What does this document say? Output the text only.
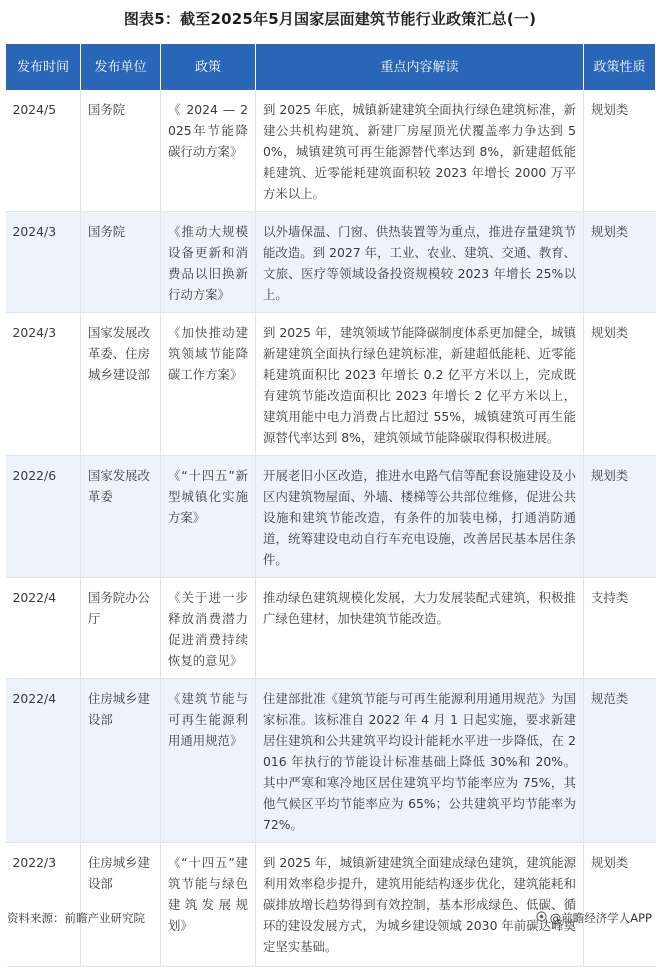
图表5：截至2025年5月国家层面建筑节能行业政策汇总(一)
发布时间	发布单位	政策	重点内容解读	政策性质
2024/5	国务院	《 2024 — 2025年节能降碳行动方案》	到 2025 年底，城镇新建建筑全面执行绿色建筑标准，新建公共机构建筑、新建厂房屋顶光伏覆盖率力争达到 50%，城镇建筑可再生能源替代率达到 8%，新建超低能耗建筑、近零能耗建筑面积较 2023 年增长 2000 万平方米以上。	规划类
2024/3	国务院	《推动大规模设备更新和消费品以旧换新行动方案》	以外墙保温、门窗、供热装置等为重点，推进存量建筑节能改造。到 2027 年，工业、农业、建筑、交通、教育、文旅、医疗等领域设备投资规模较 2023 年增长 25%以上。	规划类
2024/3	国家发展改革委、住房城乡建设部	《加快推动建筑领域节能降碳工作方案》	到 2025 年，建筑领域节能降碳制度体系更加健全，城镇新建建筑全面执行绿色建筑标准，新建超低能耗、近零能耗建筑面积比 2023 年增长 0.2 亿平方米以上，完成既有建筑节能改造面积比 2023 年增长 2 亿平方米以上，建筑用能中电力消费占比超过 55%，城镇建筑可再生能源替代率达到 8%，建筑领域节能降碳取得积极进展。	规划类
2022/6	国家发展改革委	《“十四五”新型城镇化实施方案》	开展老旧小区改造，推进水电路气信等配套设施建设及小区内建筑物屋面、外墙、楼梯等公共部位维修，促进公共设施和建筑节能改造，有条件的加装电梯，打通消防通道，统筹建设电动自行车充电设施，改善居民基本居住条件。	规划类
2022/4	国务院办公厅	《关于进一步释放消费潜力促进消费持续恢复的意见》	推动绿色建筑规模化发展，大力发展装配式建筑，积极推广绿色建材，加快建筑节能改造。	支持类
2022/4	住房城乡建设部	《建筑节能与可再生能源利用通用规范》	住建部批准《建筑节能与可再生能源利用通用规范》为国家标准。该标准自 2022 年 4 月 1 日起实施，要求新建居住建筑和公共建筑平均设计能耗水平进一步降低，在 2016 年执行的节能设计标准基础上降低 30%和 20%。其中严寒和寒冷地区居住建筑平均节能率应为 75%，其他气候区平均节能率应为 65%；公共建筑平均节能率为 72%。	规范类
2022/3	住房城乡建设部	《“十四五”建筑节能与绿色建筑发展规划》	到 2025 年，城镇新建建筑全面建成绿色建筑，建筑能源利用效率稳步提升，建筑用能结构逐步优化，建筑能耗和碳排放增长趋势得到有效控制，基本形成绿色、低碳、循环的建设发展方式，为城乡建设领域 2030 年前碳达峰奠定坚实基础。	规划类
资料来源：前瞻产业研究院	@前瞻经济学人APP
